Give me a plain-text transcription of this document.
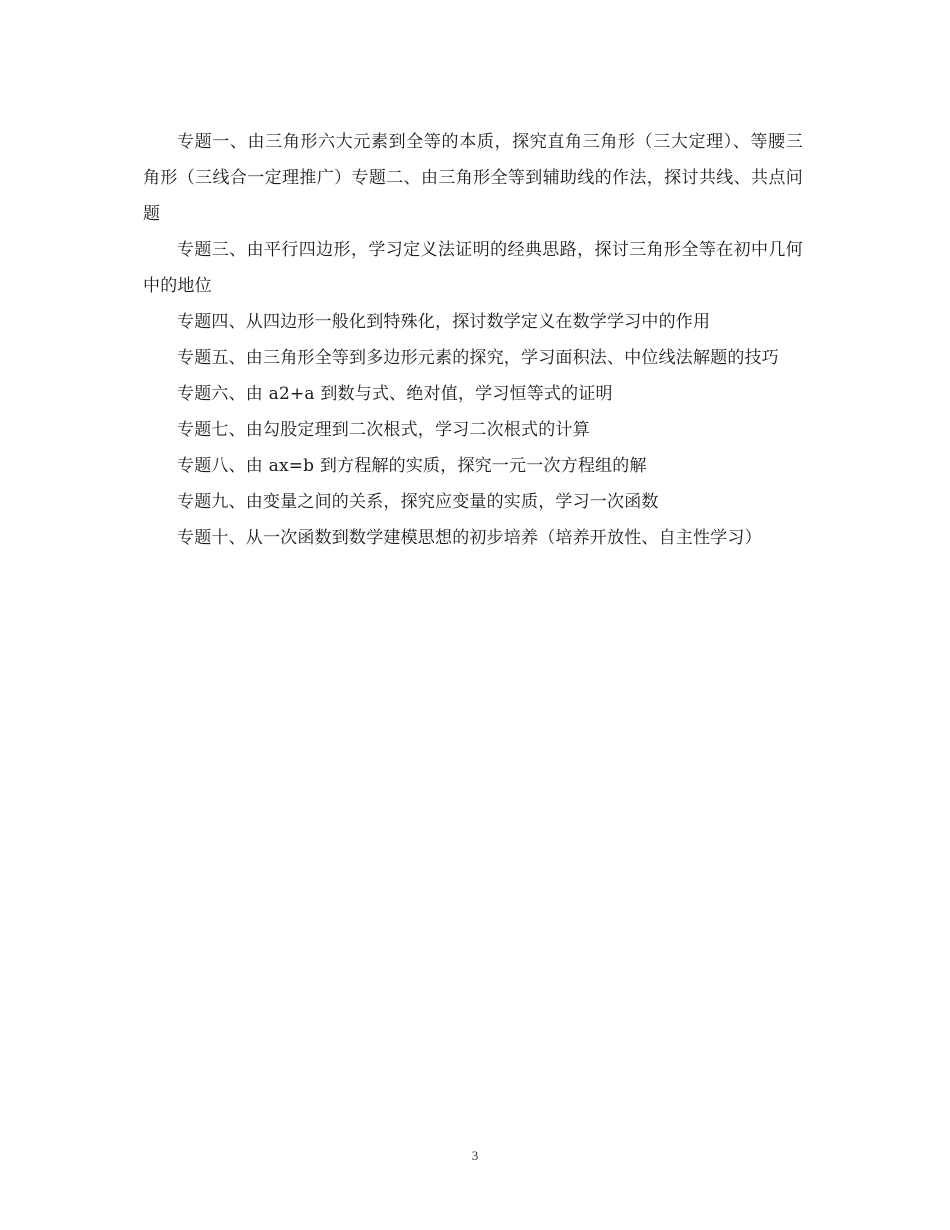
专题一、由三角形六大元素到全等的本质，探究直角三角形（三大定理）、等腰三角形（三线合一定理推广）专题二、由三角形全等到辅助线的作法，探讨共线、共点问题

专题三、由平行四边形，学习定义法证明的经典思路，探讨三角形全等在初中几何中的地位

专题四、从四边形一般化到特殊化，探讨数学定义在数学学习中的作用

专题五、由三角形全等到多边形元素的探究，学习面积法、中位线法解题的技巧

专题六、由 a2+a 到数与式、绝对值，学习恒等式的证明

专题七、由勾股定理到二次根式，学习二次根式的计算

专题八、由 ax=b 到方程解的实质，探究一元一次方程组的解

专题九、由变量之间的关系，探究应变量的实质，学习一次函数

专题十、从一次函数到数学建模思想的初步培养（培养开放性、自主性学习）

3
